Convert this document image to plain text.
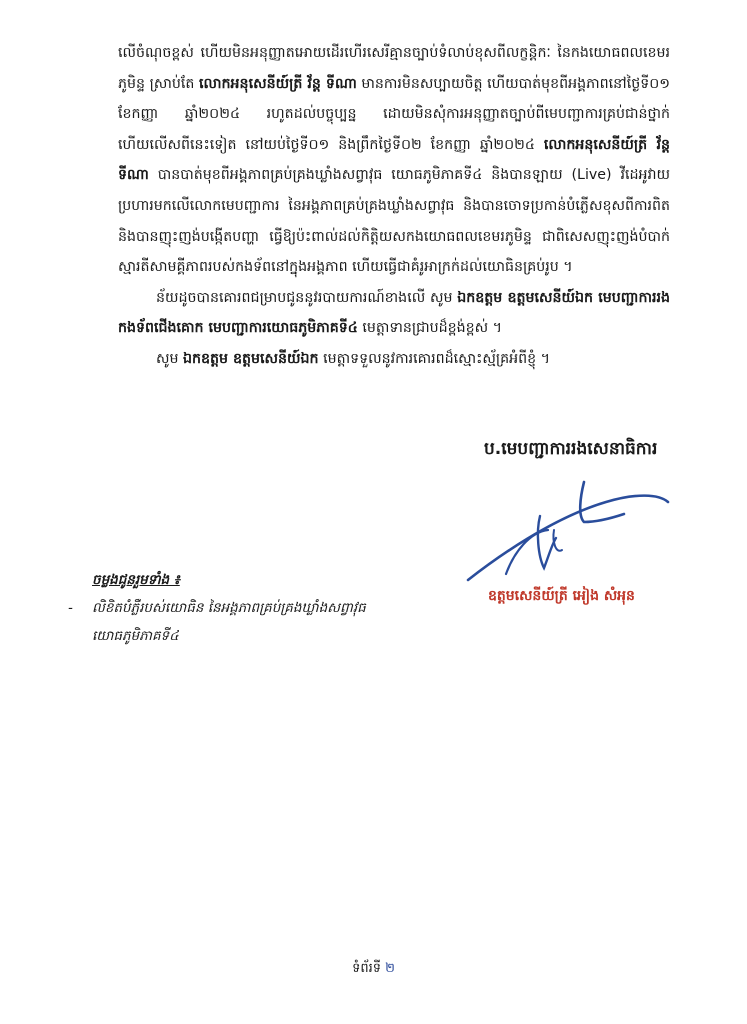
លើចំណុចខ្ពស់ ហើយមិនអនុញ្ញាតអោយដើរហើរសេរីគ្មានច្បាប់ទំលាប់ខុសពីលក្ខន្តិកៈ នៃកងយោធពលខេមរភូមិន្ទ ស្រាប់តែ លោកអនុសេនីយ៍ត្រី វ័ន្ត ទីណា មានការមិនសប្បាយចិត្ត ហើយបាត់មុខពីអង្គភាពនៅថ្ងៃទី០១ ខែកញ្ញា ឆ្នាំ២០២៤ រហូតដល់បច្ចុប្បន្ន ដោយមិនសុំការអនុញ្ញាតច្បាប់ពីមេបញ្ជាការគ្រប់ជាន់ថ្នាក់ ហើយលើសពីនេះទៀត នៅយប់ថ្ងៃទី០១ និងព្រឹកថ្ងៃទី០២ ខែកញ្ញា ឆ្នាំ២០២៤ លោកអនុសេនីយ៍ត្រី វ័ន្ត ទីណា បានបាត់មុខពីអង្គភាពគ្រប់គ្រងឃ្លាំងសព្វាវុធ យោធភូមិភាគទី៤ និងបានឡាយ (Live) វីដេអូវាយប្រហារមកលើលោកមេបញ្ជាការ នៃអង្គភាពគ្រប់គ្រងឃ្លាំងសព្វាវុធ និងបានចោទប្រកាន់បំភ្លើសខុសពីការពិត និងបានញុះញង់បង្កើតបញ្ហា ធ្វើឱ្យប៉ះពាល់ដល់កិត្តិយសកងយោធពលខេមរភូមិន្ទ ជាពិសេសញុះញង់បំបាក់ស្មារតីសាមគ្គីភាពរបស់កងទ័ពនៅក្នុងអង្គភាព ហើយធ្វើជាគំរូអាក្រក់ដល់យោធិនគ្រប់រូប ។

ន័យដូចបានគោរពជម្រាបជូននូវរបាយការណ៍ខាងលើ សូម ឯកឧត្តម ឧត្តមសេនីយ៍ឯក មេបញ្ជាការរងកងទ័ពជើងគោក មេបញ្ជាការយោធភូមិភាគទី៤ មេត្តាទានជ្រាបដ៏ខ្ពង់ខ្ពស់ ។

សូម ឯកឧត្តម ឧត្តមសេនីយ៍ឯក មេត្តាទទួលនូវការគោរពដ៏ស្មោះស្ម័គ្រអំពីខ្ញុំ ។

ប.មេបញ្ជាការរងសេនាធិការ
ឧត្តមសេនីយ៍ត្រី អៀង សំអុន
ចម្លងជូនរួមទាំង ៖
- លិខិតបំភ្លឺរបស់យោធិន នៃអង្គភាពគ្រប់គ្រងឃ្លាំងសព្វាវុធ
យោធភូមិភាគទី៤
ទំព័រទី ២
